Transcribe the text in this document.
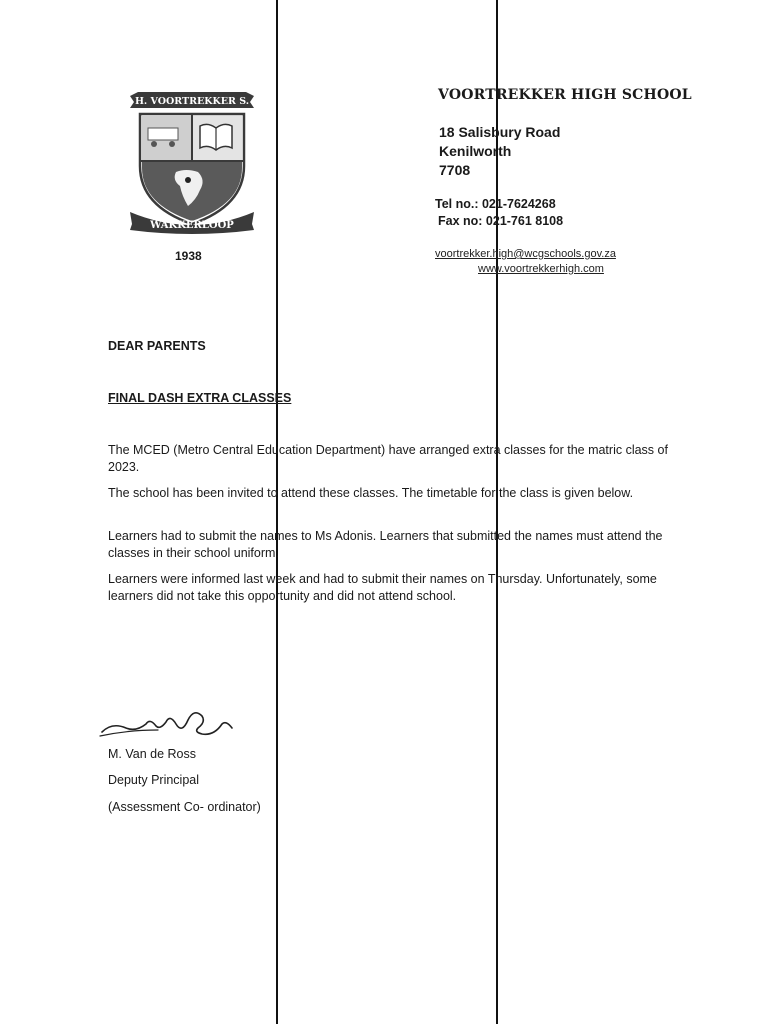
H. VOORTREKKER S.
WAKKERLOOP
1938
VOORTREKKER HIGH SCHOOL
18 Salisbury Road
Kenilworth
7708
Tel no.: 021-7624268
Fax no: 021-761 8108
voortrekker.high@wcgschools.gov.za
www.voortrekkerhigh.com
DEAR PARENTS
FINAL DASH EXTRA CLASSES

The MCED (Metro Central Education Department) have arranged extra classes for the matric class of 2023.

The school has been invited to attend these classes. The timetable for the class is given below.

Learners had to submit the names to Ms Adonis. Learners that submitted the names must attend the classes in their school uniform.

Learners were informed last week and had to submit their names on Thursday. Unfortunately, some learners did not take this opportunity and did not attend school.

M. Van de Ross
Deputy Principal
(Assessment Co- ordinator)
